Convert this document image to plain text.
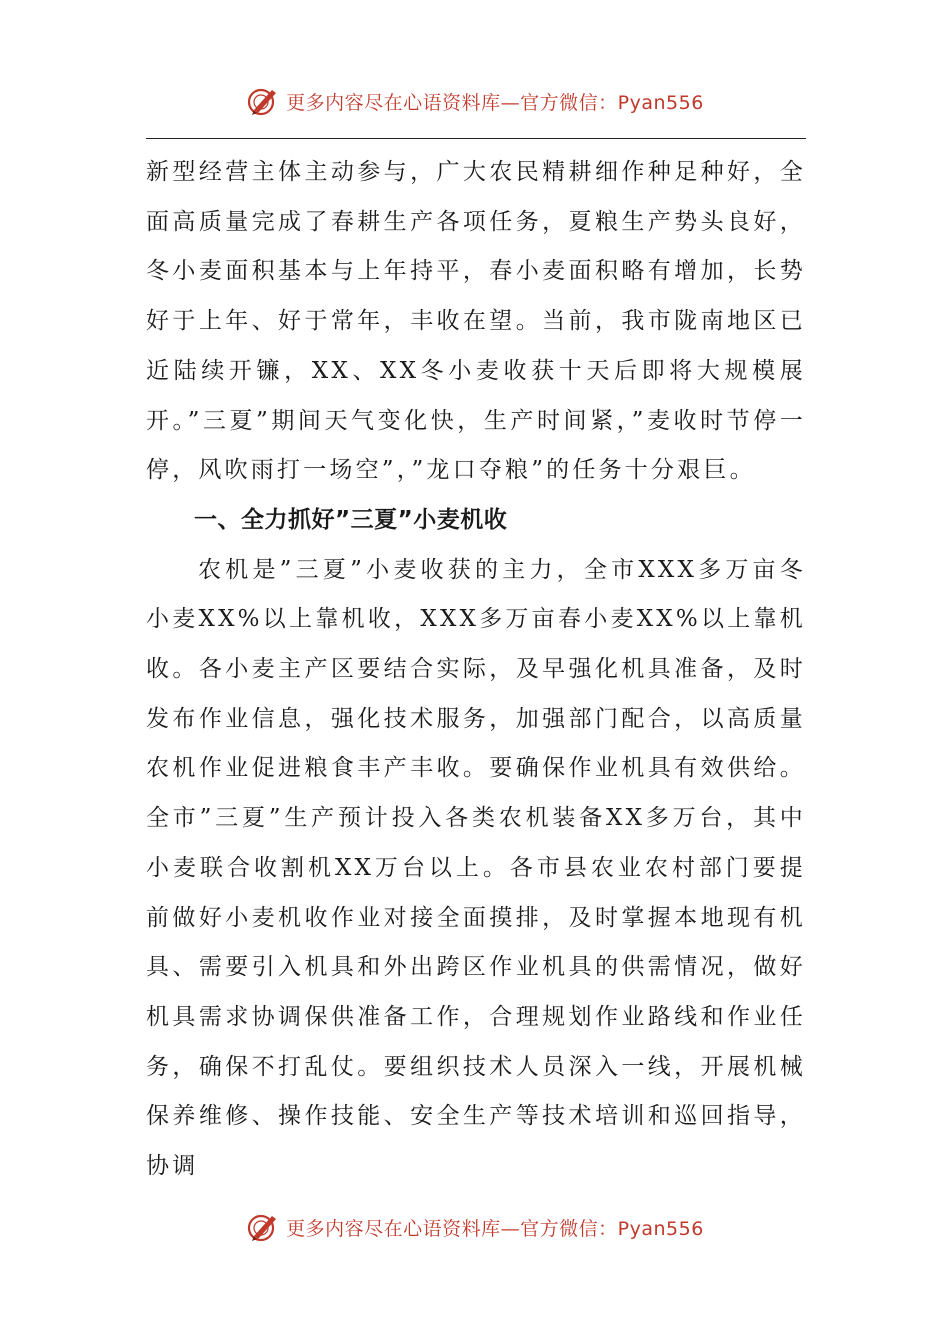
更多内容尽在心语资料库—官方微信：Pyan556

新型经营主体主动参与，广大农民精耕细作种足种好，全面高质量完成了春耕生产各项任务，夏粮生产势头良好，冬小麦面积基本与上年持平，春小麦面积略有增加，长势好于上年、好于常年，丰收在望。当前，我市陇南地区已近陆续开镰，XX、XX冬小麦收获十天后即将大规模展开。”三夏”期间天气变化快，生产时间紧，”麦收时节停一停，风吹雨打一场空”，”龙口夺粮”的任务十分艰巨。

一、全力抓好”三夏”小麦机收

农机是”三夏”小麦收获的主力，全市XXX多万亩冬小麦XX%以上靠机收，XXX多万亩春小麦XX%以上靠机收。各小麦主产区要结合实际，及早强化机具准备，及时发布作业信息，强化技术服务，加强部门配合，以高质量农机作业促进粮食丰产丰收。要确保作业机具有效供给。全市”三夏”生产预计投入各类农机装备XX多万台，其中小麦联合收割机XX万台以上。各市县农业农村部门要提前做好小麦机收作业对接全面摸排，及时掌握本地现有机具、需要引入机具和外出跨区作业机具的供需情况，做好机具需求协调保供准备工作，合理规划作业路线和作业任务，确保不打乱仗。要组织技术人员深入一线，开展机械保养维修、操作技能、安全生产等技术培训和巡回指导，协调

更多内容尽在心语资料库—官方微信：Pyan556
